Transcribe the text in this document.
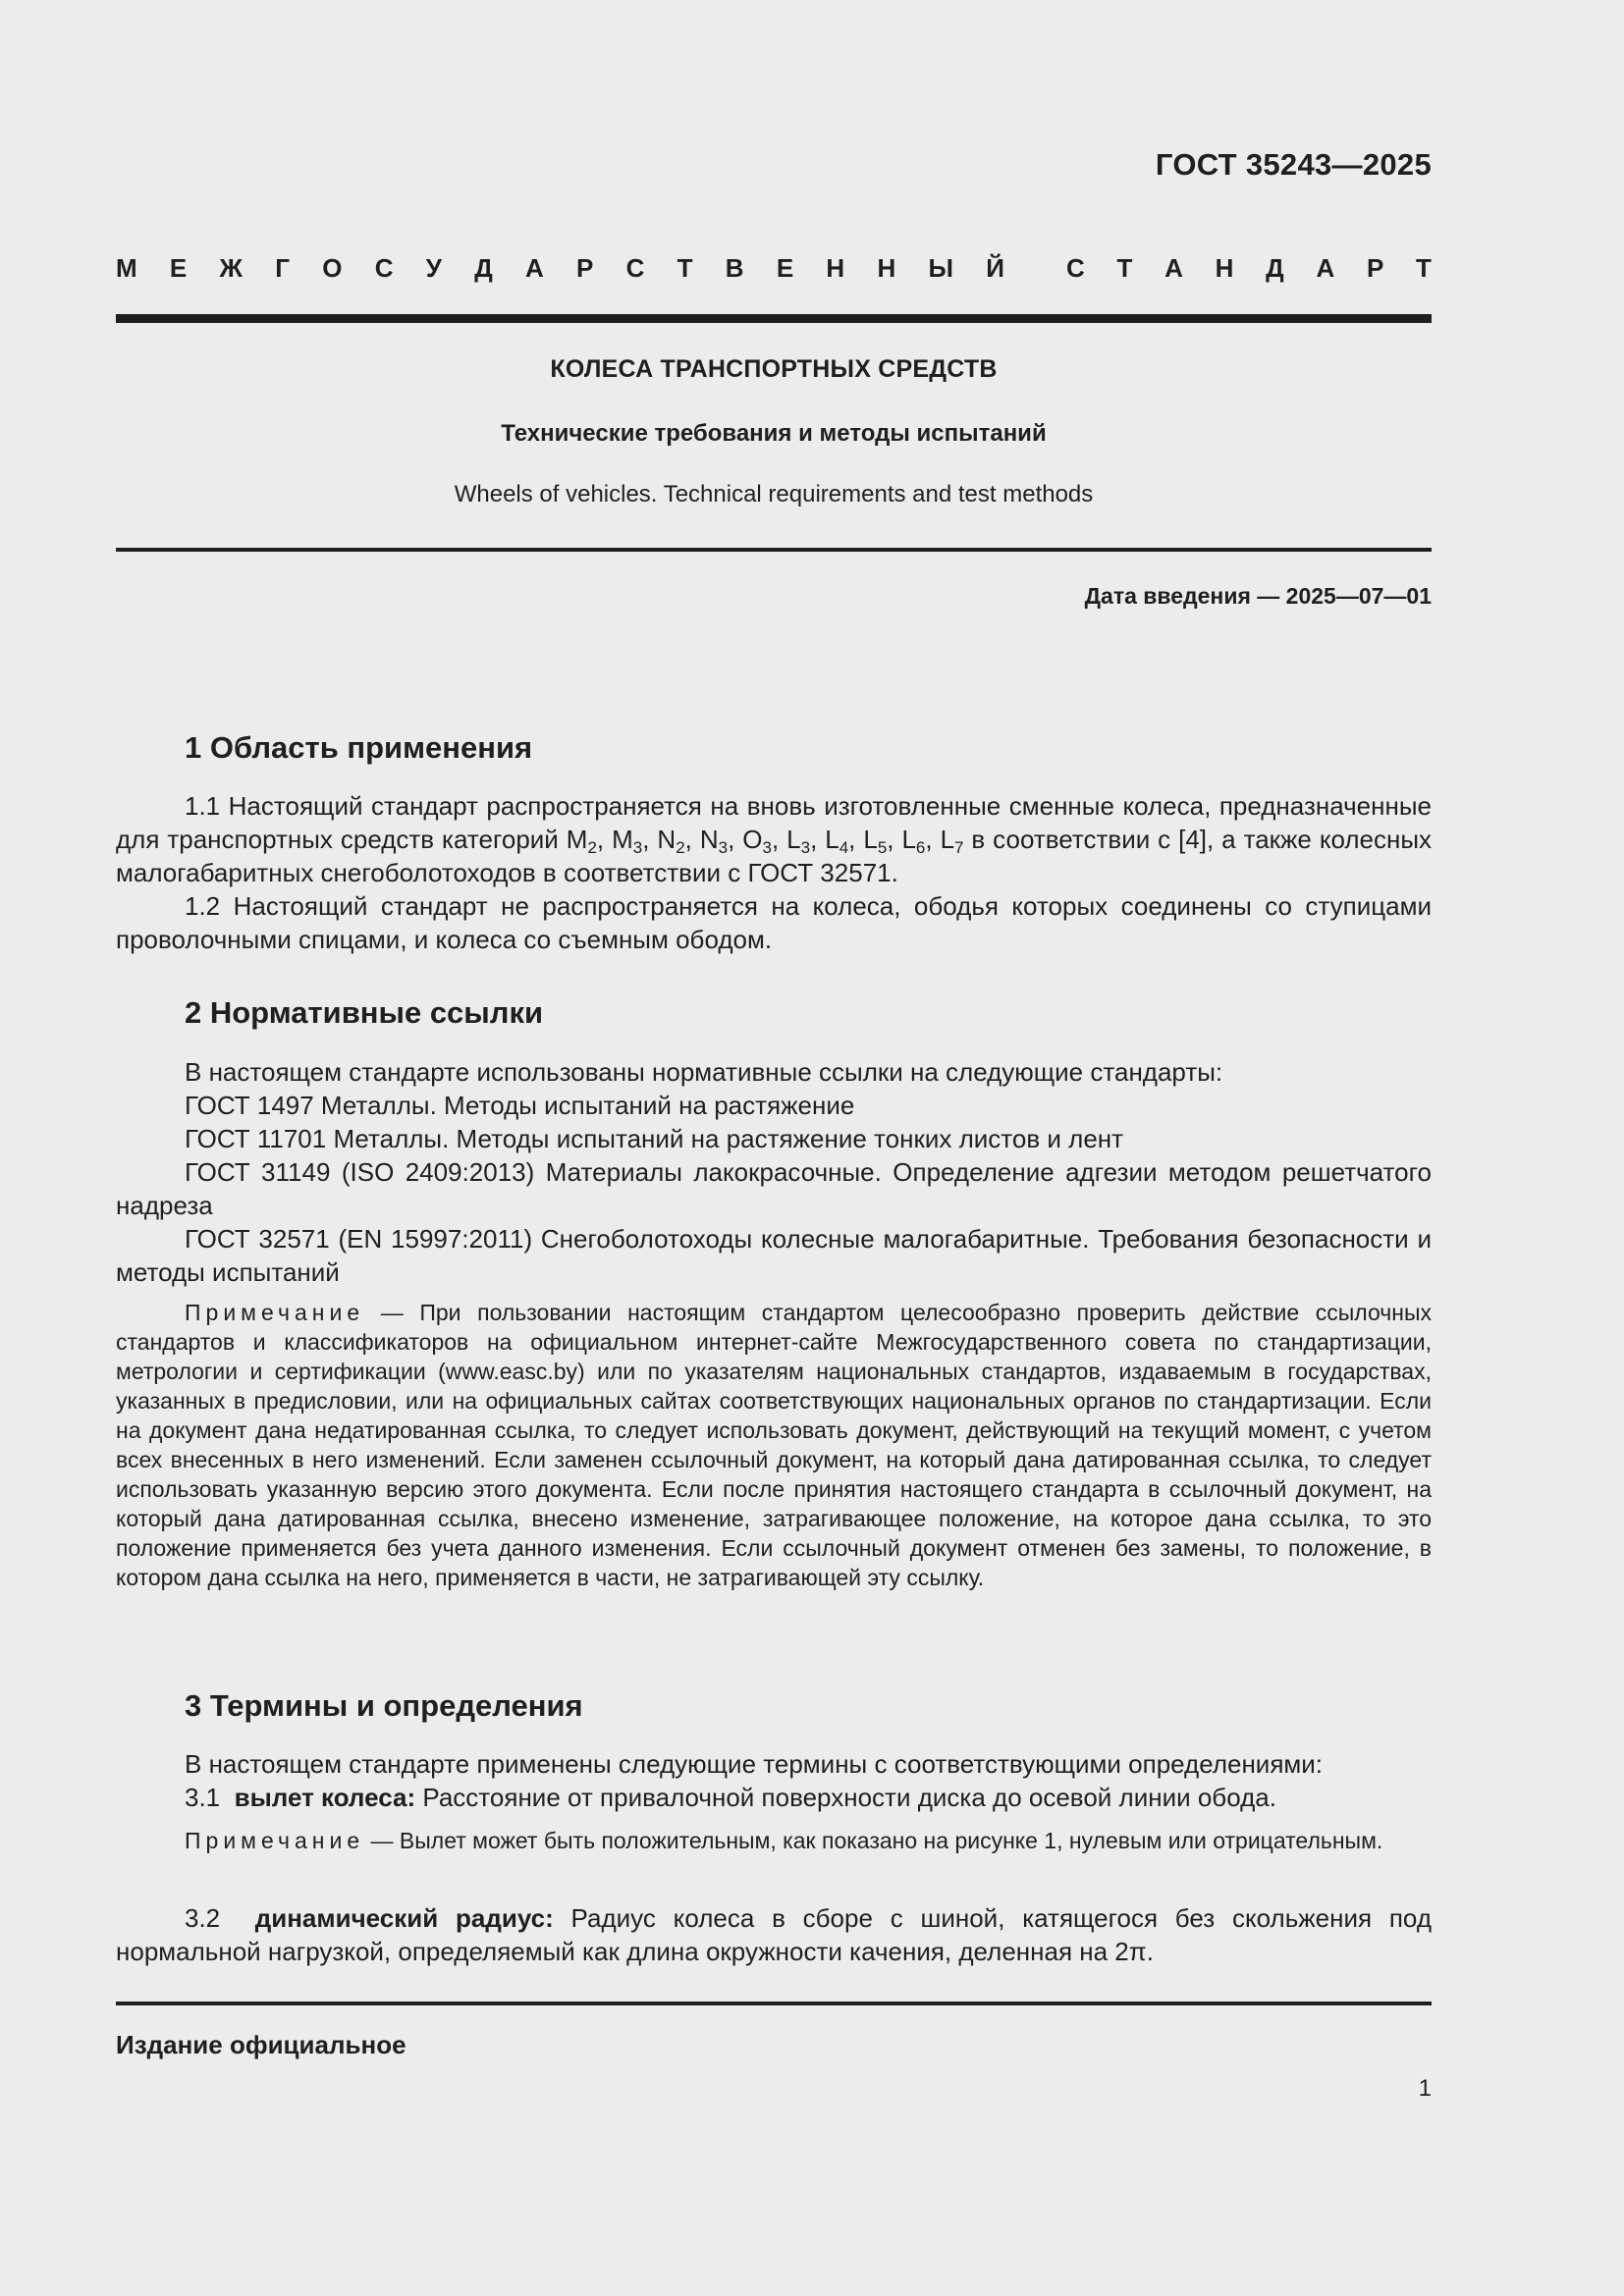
ГОСТ 35243—2025
М Е Ж Г О С У Д А Р С Т В Е Н Н Ы Й С Т А Н Д А Р Т
КОЛЕСА ТРАНСПОРТНЫХ СРЕДСТВ
Технические требования и методы испытаний
Wheels of vehicles. Technical requirements and test methods
Дата введения — 2025—07—01
1 Область применения
1.1 Настоящий стандарт распространяется на вновь изготовленные сменные колеса, предназначенные для транспортных средств категорий $M_2$, $M_3$, $N_2$, $N_3$, $O_3$, $L_3$, $L_4$, $L_5$, $L_6$, $L_7$ в соответствии с [4], а также колесных малогабаритных снегоболотоходов в соответствии с ГОСТ 32571.
1.2 Настоящий стандарт не распространяется на колеса, ободья которых соединены со ступицами проволочными спицами, и колеса со съемным ободом.
2 Нормативные ссылки
В настоящем стандарте использованы нормативные ссылки на следующие стандарты:
ГОСТ 1497 Металлы. Методы испытаний на растяжение
ГОСТ 11701 Металлы. Методы испытаний на растяжение тонких листов и лент
ГОСТ 31149 (ISO 2409:2013) Материалы лакокрасочные. Определение адгезии методом решетчатого надреза
ГОСТ 32571 (EN 15997:2011) Снегоболотоходы колесные малогабаритные. Требования безопасности и методы испытаний
Примечание — При пользовании настоящим стандартом целесообразно проверить действие ссылочных стандартов и классификаторов на официальном интернет-сайте Межгосударственного совета по стандартизации, метрологии и сертификации (www.easc.by) или по указателям национальных стандартов, издаваемым в государствах, указанных в предисловии, или на официальных сайтах соответствующих национальных органов по стандартизации. Если на документ дана недатированная ссылка, то следует использовать документ, действующий на текущий момент, с учетом всех внесенных в него изменений. Если заменен ссылочный документ, на который дана датированная ссылка, то следует использовать указанную версию этого документа. Если после принятия настоящего стандарта в ссылочный документ, на который дана датированная ссылка, внесено изменение, затрагивающее положение, на которое дана ссылка, то это положение применяется без учета данного изменения. Если ссылочный документ отменен без замены, то положение, в котором дана ссылка на него, применяется в части, не затрагивающей эту ссылку.
3 Термины и определения
В настоящем стандарте применены следующие термины с соответствующими определениями:
3.1  вылет колеса: Расстояние от привалочной поверхности диска до осевой линии обода.
Примечание — Вылет может быть положительным, как показано на рисунке 1, нулевым или отрицательным.
3.2  динамический радиус: Радиус колеса в сборе с шиной, катящегося без скольжения под нормальной нагрузкой, определяемый как длина окружности качения, деленная на 2π.
Издание официальное
1
